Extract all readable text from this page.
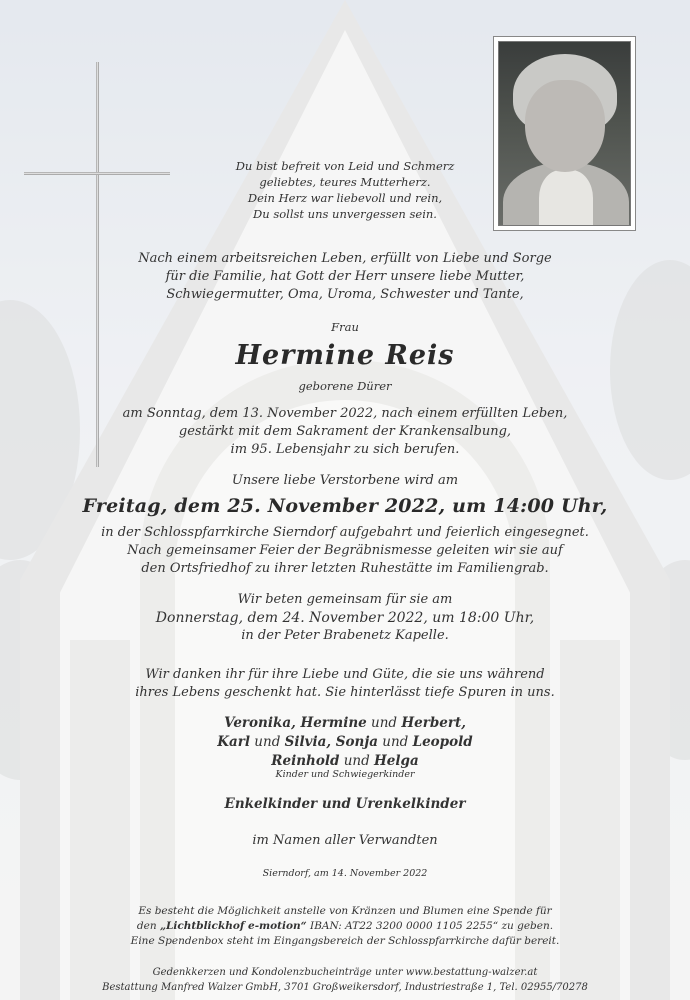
Du bist befreit von Leid und Schmerz
geliebtes, teures Mutterherz.
Dein Herz war liebevoll und rein,
Du sollst uns unvergessen sein.
Nach einem arbeitsreichen Leben, erfüllt von Liebe und Sorge
für die Familie, hat Gott der Herr unsere liebe Mutter,
Schwiegermutter, Oma, Uroma, Schwester und Tante,
Frau
Hermine Reis
geborene Dürer
am Sonntag, dem 13. November 2022, nach einem erfüllten Leben,
gestärkt mit dem Sakrament der Krankensalbung,
im 95. Lebensjahr zu sich berufen.
Unsere liebe Verstorbene wird am
Freitag, dem 25. November 2022, um 14:00 Uhr,
in der Schlosspfarrkirche Sierndorf aufgebahrt und feierlich eingesegnet.
Nach gemeinsamer Feier der Begräbnismesse geleiten wir sie auf
den Ortsfriedhof zu ihrer letzten Ruhestätte im Familiengrab.
Wir beten gemeinsam für sie am
Donnerstag, dem 24. November 2022, um 18:00 Uhr,
in der Peter Brabenetz Kapelle.
Wir danken ihr für ihre Liebe und Güte, die sie uns während
ihres Lebens geschenkt hat. Sie hinterlässt tiefe Spuren in uns.
Veronika, Hermine und Herbert,
Karl und Silvia, Sonja und Leopold
Reinhold und Helga
Kinder und Schwiegerkinder
Enkelkinder und Urenkelkinder
im Namen aller Verwandten
Sierndorf, am 14. November 2022
Es besteht die Möglichkeit anstelle von Kränzen und Blumen eine Spende für
den „Lichtblickhof e-motion“ IBAN: AT22 3200 0000 1105 2255“ zu geben.
Eine Spendenbox steht im Eingangsbereich der Schlosspfarrkirche dafür bereit.
Gedenkkerzen und Kondolenzbucheinträge unter www.bestattung-walzer.at
Bestattung Manfred Walzer GmbH, 3701 Großweikersdorf, Industriestraße 1, Tel. 02955/70278
